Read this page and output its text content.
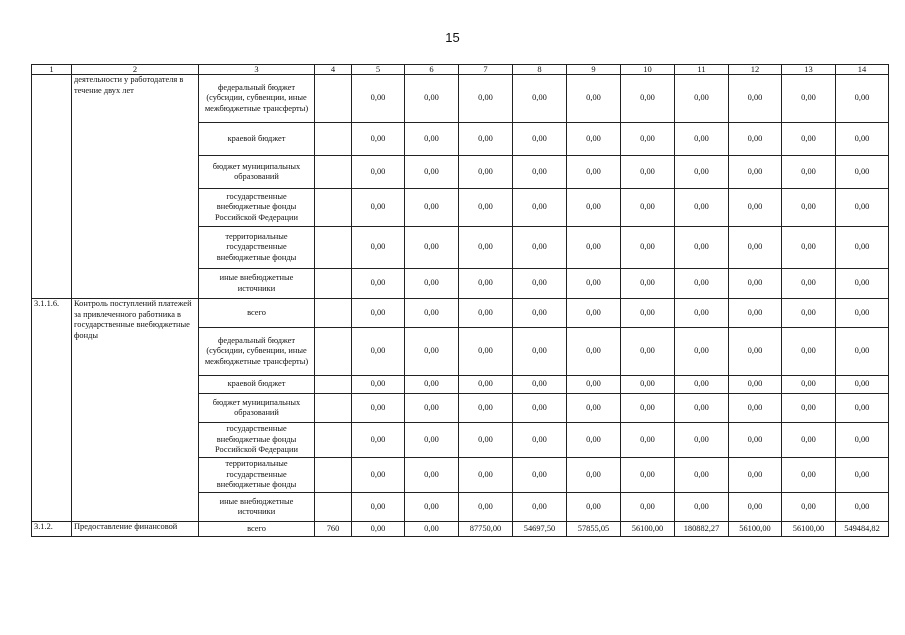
15
1	2	3	4	5	6	7	8	9	10	11	12	13	14
	деятельности у работодателя в течение двух лет	федеральный бюджет (субсидии, субвенции, иные межбюджетные трансферты)		0,00	0,00	0,00	0,00	0,00	0,00	0,00	0,00	0,00	0,00
		краевой бюджет		0,00	0,00	0,00	0,00	0,00	0,00	0,00	0,00	0,00	0,00
		бюджет муниципальных образований		0,00	0,00	0,00	0,00	0,00	0,00	0,00	0,00	0,00	0,00
		государственные внебюджетные фонды Российской Федерации		0,00	0,00	0,00	0,00	0,00	0,00	0,00	0,00	0,00	0,00
		территориальные государственные внебюджетные фонды		0,00	0,00	0,00	0,00	0,00	0,00	0,00	0,00	0,00	0,00
		иные внебюджетные источники		0,00	0,00	0,00	0,00	0,00	0,00	0,00	0,00	0,00	0,00
3.1.1.6.	Контроль поступлений платежей за привлеченного работника в государственные внебюджетные фонды	всего		0,00	0,00	0,00	0,00	0,00	0,00	0,00	0,00	0,00	0,00
		федеральный бюджет (субсидии, субвенции, иные межбюджетные трансферты)		0,00	0,00	0,00	0,00	0,00	0,00	0,00	0,00	0,00	0,00
		краевой бюджет		0,00	0,00	0,00	0,00	0,00	0,00	0,00	0,00	0,00	0,00
		бюджет муниципальных образований		0,00	0,00	0,00	0,00	0,00	0,00	0,00	0,00	0,00	0,00
		государственные внебюджетные фонды Российской Федерации		0,00	0,00	0,00	0,00	0,00	0,00	0,00	0,00	0,00	0,00
		территориальные государственные внебюджетные фонды		0,00	0,00	0,00	0,00	0,00	0,00	0,00	0,00	0,00	0,00
		иные внебюджетные источники		0,00	0,00	0,00	0,00	0,00	0,00	0,00	0,00	0,00	0,00
3.1.2.	Предоставление финансовой	всего	760	0,00	0,00	87750,00	54697,50	57855,05	56100,00	180882,27	56100,00	56100,00	549484,82
